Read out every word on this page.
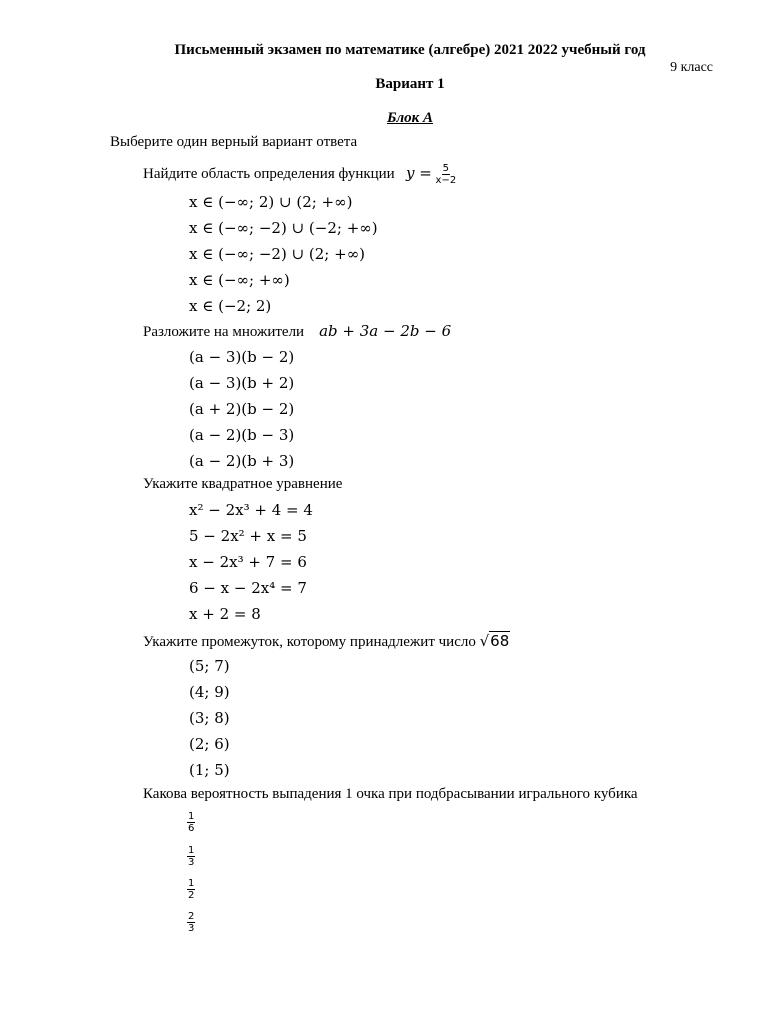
Письменный экзамен по математике (алгебре) 2021 2022 учебный год
9 класс
Вариант 1
Блок А
Выберите один верный вариант ответа
Найдите область определения функции $y = \frac{5}{x-2}$
x ∈ (−∞; 2) ∪ (2; +∞)
x ∈ (−∞; −2) ∪ (−2; +∞)
x ∈ (−∞; −2) ∪ (2; +∞)
x ∈ (−∞; +∞)
x ∈ (−2; 2)
Разложите на множители ab + 3a − 2b − 6
(a − 3)(b − 2)
(a − 3)(b + 2)
(a + 2)(b − 2)
(a − 2)(b − 3)
(a − 2)(b + 3)
Укажите квадратное уравнение
x² − 2x³ + 4 = 4
5 − 2x² + x = 5
x − 2x³ + 7 = 6
6 − x − 2x⁴ = 7
x + 2 = 8
Укажите промежуток, которому принадлежит число √68
(5; 7)
(4; 9)
(3; 8)
(2; 6)
(1; 5)
Какова вероятность выпадения 1 очка при подбрасывании игрального кубика
$\frac{1}{6}$
$\frac{1}{3}$
$\frac{1}{2}$
$\frac{2}{3}$
